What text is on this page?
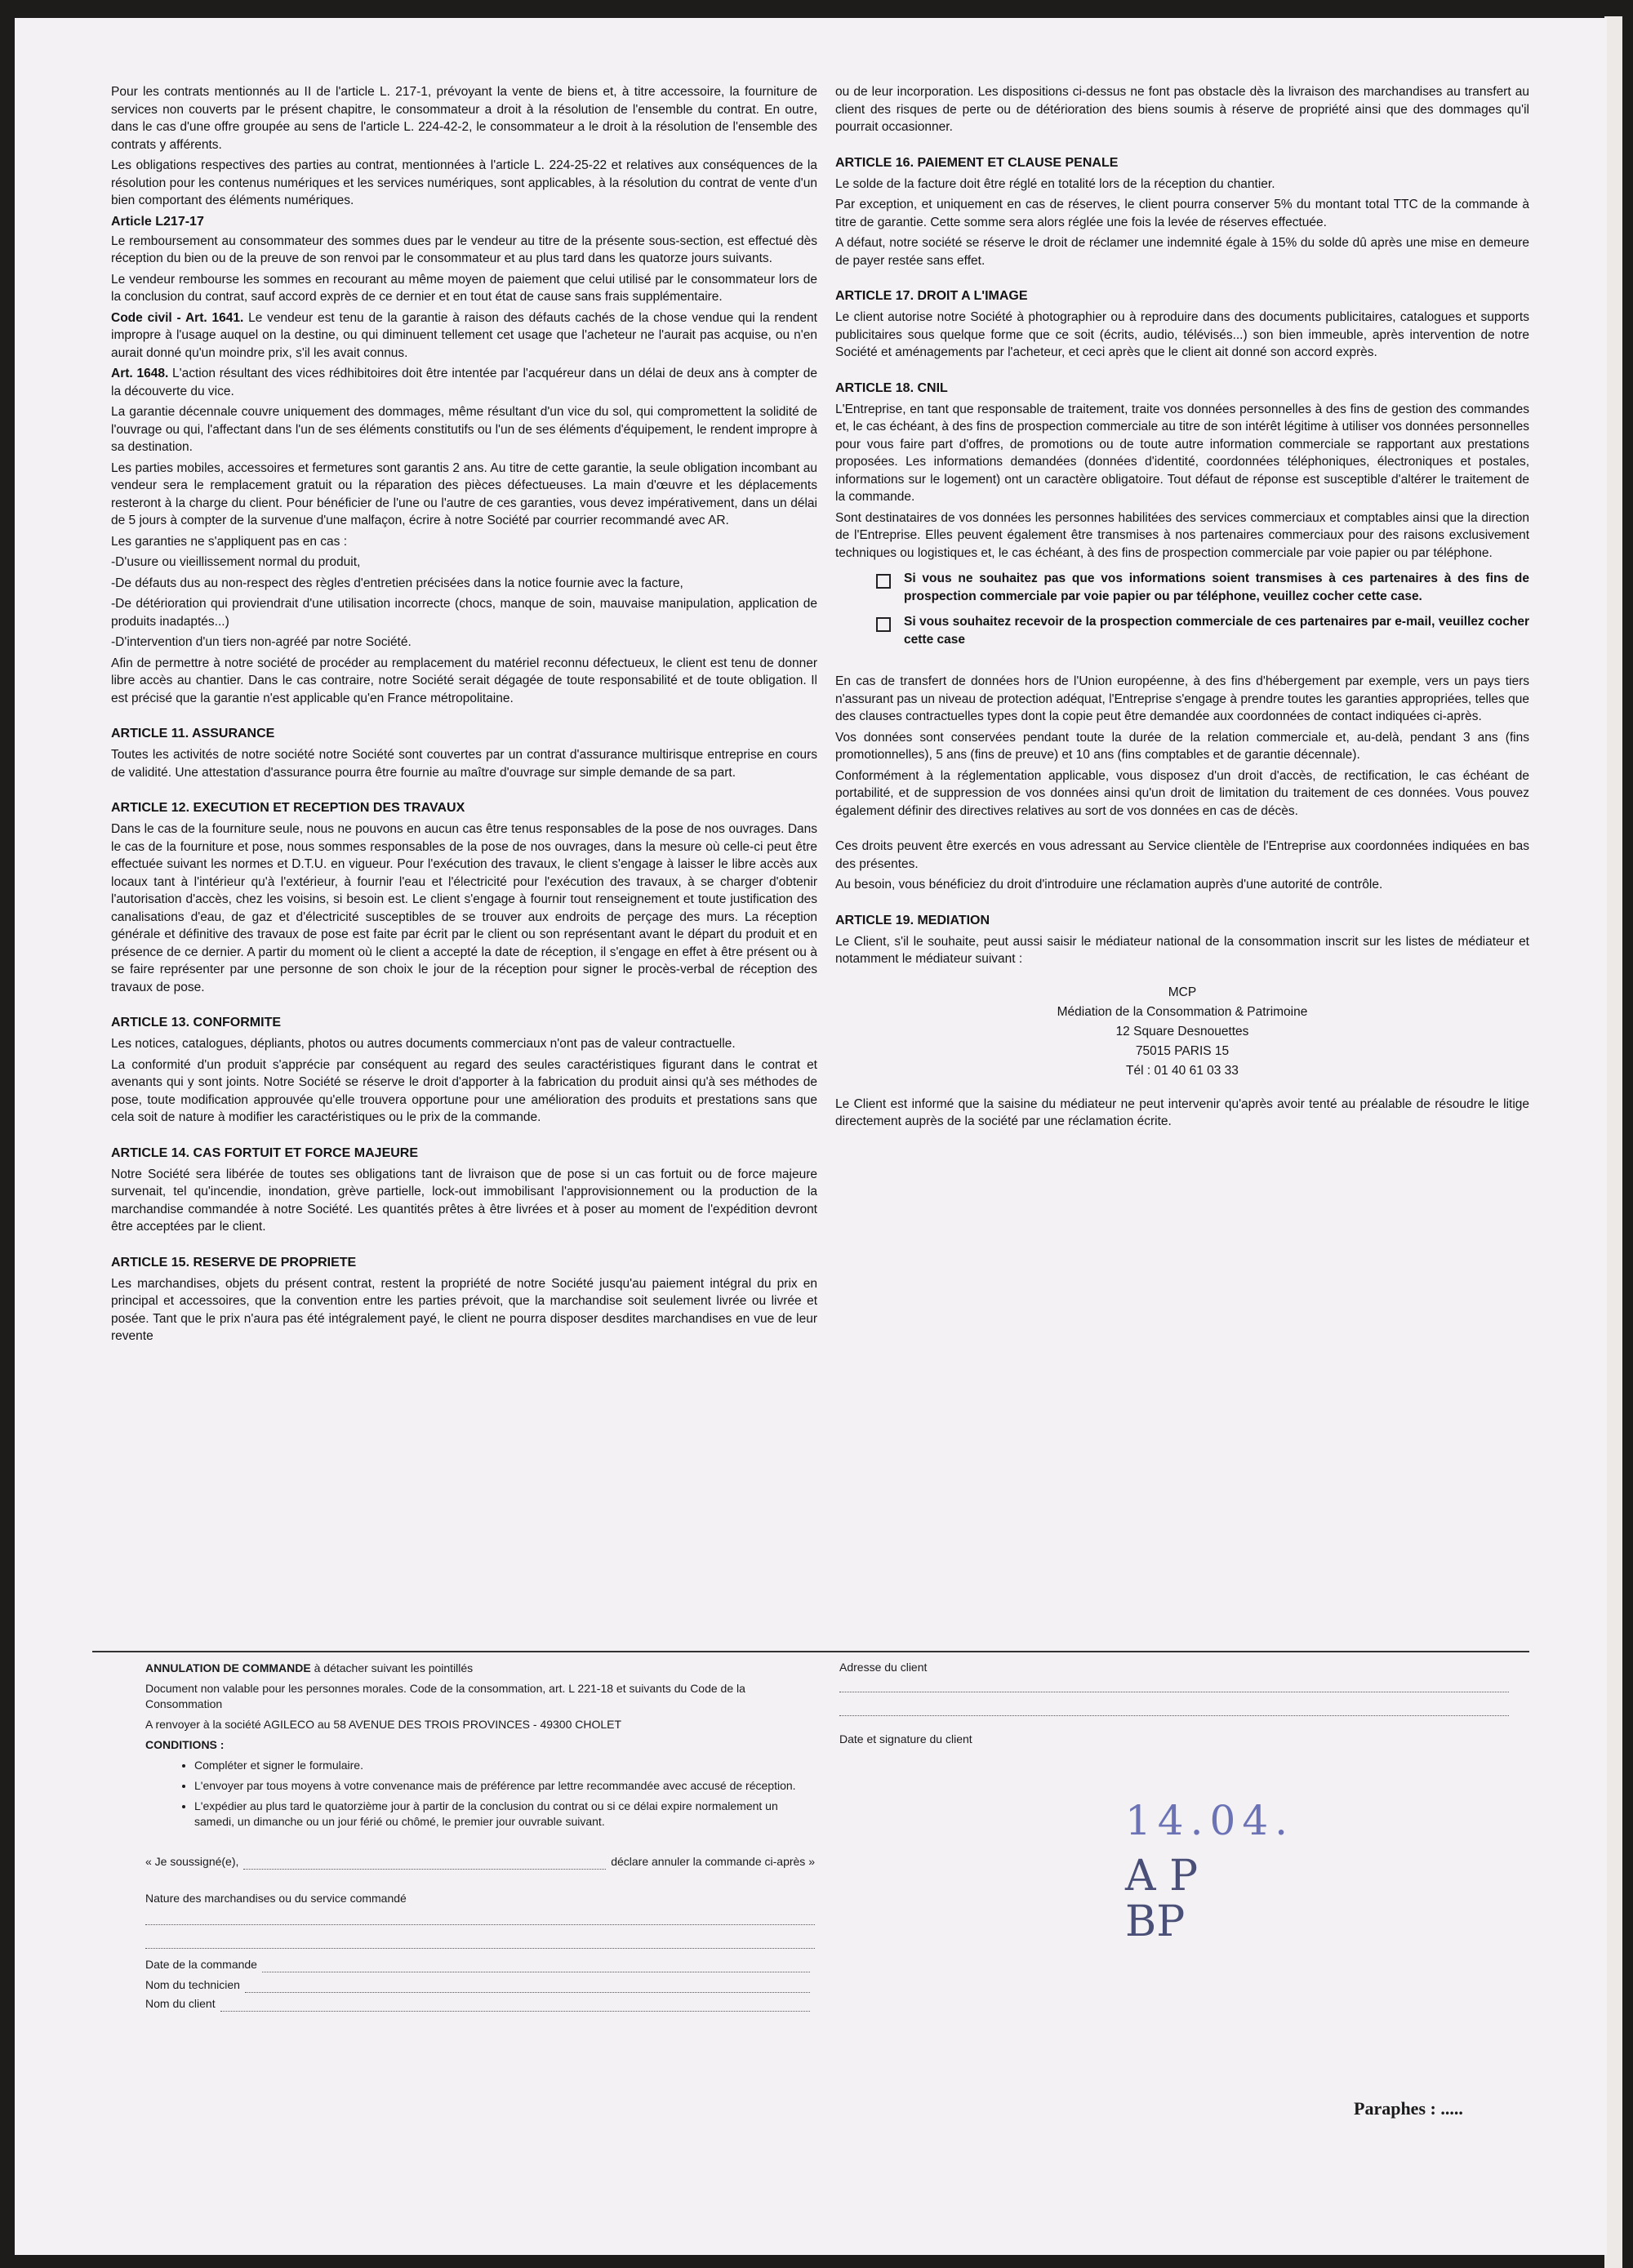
Pour les contrats mentionnés au II de l'article L. 217-1, prévoyant la vente de biens et, à titre accessoire, la fourniture de services non couverts par le présent chapitre, le consommateur a droit à la résolution de l'ensemble du contrat. En outre, dans le cas d'une offre groupée au sens de l'article L. 224-42-2, le consommateur a le droit à la résolution de l'ensemble des contrats y afférents.

Les obligations respectives des parties au contrat, mentionnées à l'article L. 224-25-22 et relatives aux conséquences de la résolution pour les contenus numériques et les services numériques, sont applicables, à la résolution du contrat de vente d'un bien comportant des éléments numériques.

Article L217-17

Le remboursement au consommateur des sommes dues par le vendeur au titre de la présente sous-section, est effectué dès réception du bien ou de la preuve de son renvoi par le consommateur et au plus tard dans les quatorze jours suivants.

Le vendeur rembourse les sommes en recourant au même moyen de paiement que celui utilisé par le consommateur lors de la conclusion du contrat, sauf accord exprès de ce dernier et en tout état de cause sans frais supplémentaire.

Code civil - Art. 1641. Le vendeur est tenu de la garantie à raison des défauts cachés de la chose vendue qui la rendent impropre à l'usage auquel on la destine, ou qui diminuent tellement cet usage que l'acheteur ne l'aurait pas acquise, ou n'en aurait donné qu'un moindre prix, s'il les avait connus.

Art. 1648. L'action résultant des vices rédhibitoires doit être intentée par l'acquéreur dans un délai de deux ans à compter de la découverte du vice.

La garantie décennale couvre uniquement des dommages, même résultant d'un vice du sol, qui compromettent la solidité de l'ouvrage ou qui, l'affectant dans l'un de ses éléments constitutifs ou l'un de ses éléments d'équipement, le rendent impropre à sa destination.

Les parties mobiles, accessoires et fermetures sont garantis 2 ans. Au titre de cette garantie, la seule obligation incombant au vendeur sera le remplacement gratuit ou la réparation des pièces défectueuses. La main d'œuvre et les déplacements resteront à la charge du client. Pour bénéficier de l'une ou l'autre de ces garanties, vous devez impérativement, dans un délai de 5 jours à compter de la survenue d'une malfaçon, écrire à notre Société par courrier recommandé avec AR.

Les garanties ne s'appliquent pas en cas :

-D'usure ou vieillissement normal du produit,

-De défauts dus au non-respect des règles d'entretien précisées dans la notice fournie avec la facture,

-De détérioration qui proviendrait d'une utilisation incorrecte (chocs, manque de soin, mauvaise manipulation, application de produits inadaptés...)

-D'intervention d'un tiers non-agréé par notre Société.

Afin de permettre à notre société de procéder au remplacement du matériel reconnu défectueux, le client est tenu de donner libre accès au chantier. Dans le cas contraire, notre Société serait dégagée de toute responsabilité et de toute obligation. Il est précisé que la garantie n'est applicable qu'en France métropolitaine.

ARTICLE 11. ASSURANCE

Toutes les activités de notre société notre Société sont couvertes par un contrat d'assurance multirisque entreprise en cours de validité. Une attestation d'assurance pourra être fournie au maître d'ouvrage sur simple demande de sa part.

ARTICLE 12. EXECUTION ET RECEPTION DES TRAVAUX

Dans le cas de la fourniture seule, nous ne pouvons en aucun cas être tenus responsables de la pose de nos ouvrages. Dans le cas de la fourniture et pose, nous sommes responsables de la pose de nos ouvrages, dans la mesure où celle-ci peut être effectuée suivant les normes et D.T.U. en vigueur. Pour l'exécution des travaux, le client s'engage à laisser le libre accès aux locaux tant à l'intérieur qu'à l'extérieur, à fournir l'eau et l'électricité pour l'exécution des travaux, à se charger d'obtenir l'autorisation d'accès, chez les voisins, si besoin est. Le client s'engage à fournir tout renseignement et toute justification des canalisations d'eau, de gaz et d'électricité susceptibles de se trouver aux endroits de perçage des murs. La réception générale et définitive des travaux de pose est faite par écrit par le client ou son représentant avant le départ du produit et en présence de ce dernier. A partir du moment où le client a accepté la date de réception, il s'engage en effet à être présent ou à se faire représenter par une personne de son choix le jour de la réception pour signer le procès-verbal de réception des travaux de pose.

ARTICLE 13. CONFORMITE

Les notices, catalogues, dépliants, photos ou autres documents commerciaux n'ont pas de valeur contractuelle.

La conformité d'un produit s'apprécie par conséquent au regard des seules caractéristiques figurant dans le contrat et avenants qui y sont joints. Notre Société se réserve le droit d'apporter à la fabrication du produit ainsi qu'à ses méthodes de pose, toute modification approuvée qu'elle trouvera opportune pour une amélioration des produits et prestations sans que cela soit de nature à modifier les caractéristiques ou le prix de la commande.

ARTICLE 14. CAS FORTUIT ET FORCE MAJEURE

Notre Société sera libérée de toutes ses obligations tant de livraison que de pose si un cas fortuit ou de force majeure survenait, tel qu'incendie, inondation, grève partielle, lock-out immobilisant l'approvisionnement ou la production de la marchandise commandée à notre Société. Les quantités prêtes à être livrées et à poser au moment de l'expédition devront être acceptées par le client.

ARTICLE 15. RESERVE DE PROPRIETE

Les marchandises, objets du présent contrat, restent la propriété de notre Société jusqu'au paiement intégral du prix en principal et accessoires, que la convention entre les parties prévoit, que la marchandise soit seulement livrée ou livrée et posée. Tant que le prix n'aura pas été intégralement payé, le client ne pourra disposer desdites marchandises en vue de leur revente

ou de leur incorporation. Les dispositions ci-dessus ne font pas obstacle dès la livraison des marchandises au transfert au client des risques de perte ou de détérioration des biens soumis à réserve de propriété ainsi que des dommages qu'il pourrait occasionner.

ARTICLE 16. PAIEMENT ET CLAUSE PENALE

Le solde de la facture doit être réglé en totalité lors de la réception du chantier.

Par exception, et uniquement en cas de réserves, le client pourra conserver 5% du montant total TTC de la commande à titre de garantie. Cette somme sera alors réglée une fois la levée de réserves effectuée.

A défaut, notre société se réserve le droit de réclamer une indemnité égale à 15% du solde dû après une mise en demeure de payer restée sans effet.

ARTICLE 17. DROIT A L'IMAGE

Le client autorise notre Société à photographier ou à reproduire dans des documents publicitaires, catalogues et supports publicitaires sous quelque forme que ce soit (écrits, audio, télévisés...) son bien immeuble, après intervention de notre Société et aménagements par l'acheteur, et ceci après que le client ait donné son accord exprès.

ARTICLE 18. CNIL

L'Entreprise, en tant que responsable de traitement, traite vos données personnelles à des fins de gestion des commandes et, le cas échéant, à des fins de prospection commerciale au titre de son intérêt légitime à utiliser vos données personnelles pour vous faire part d'offres, de promotions ou de toute autre information commerciale se rapportant aux prestations proposées. Les informations demandées (données d'identité, coordonnées téléphoniques, électroniques et postales, informations sur le logement) ont un caractère obligatoire. Tout défaut de réponse est susceptible d'altérer le traitement de la commande.

Sont destinataires de vos données les personnes habilitées des services commerciaux et comptables ainsi que la direction de l'Entreprise. Elles peuvent également être transmises à nos partenaires commerciaux pour des raisons exclusivement techniques ou logistiques et, le cas échéant, à des fins de prospection commerciale par voie papier ou par téléphone.

Si vous ne souhaitez pas que vos informations soient transmises à ces partenaires à des fins de prospection commerciale par voie papier ou par téléphone, veuillez cocher cette case.
Si vous souhaitez recevoir de la prospection commerciale de ces partenaires par e-mail, veuillez cocher cette case

En cas de transfert de données hors de l'Union européenne, à des fins d'hébergement par exemple, vers un pays tiers n'assurant pas un niveau de protection adéquat, l'Entreprise s'engage à prendre toutes les garanties appropriées, telles que des clauses contractuelles types dont la copie peut être demandée aux coordonnées de contact indiquées ci-après.

Vos données sont conservées pendant toute la durée de la relation commerciale et, au-delà, pendant 3 ans (fins promotionnelles), 5 ans (fins de preuve) et 10 ans (fins comptables et de garantie décennale).

Conformément à la réglementation applicable, vous disposez d'un droit d'accès, de rectification, le cas échéant de portabilité, et de suppression de vos données ainsi qu'un droit de limitation du traitement de ces données. Vous pouvez également définir des directives relatives au sort de vos données en cas de décès.

Ces droits peuvent être exercés en vous adressant au Service clientèle de l'Entreprise aux coordonnées indiquées en bas des présentes.

Au besoin, vous bénéficiez du droit d'introduire une réclamation auprès d'une autorité de contrôle.

ARTICLE 19. MEDIATION

Le Client, s'il le souhaite, peut aussi saisir le médiateur national de la consommation inscrit sur les listes de médiateur et notamment le médiateur suivant :

MCP
Médiation de la Consommation & Patrimoine
12 Square Desnouettes
75015 PARIS 15
Tél : 01 40 61 03 33

Le Client est informé que la saisine du médiateur ne peut intervenir qu'après avoir tenté au préalable de résoudre le litige directement auprès de la société par une réclamation écrite.

ANNULATION DE COMMANDE à détacher suivant les pointillés

Document non valable pour les personnes morales. Code de la consommation, art. L 221-18 et suivants du Code de la Consommation

A renvoyer à la société AGILECO au 58 AVENUE DES TROIS PROVINCES - 49300 CHOLET

CONDITIONS :

• Compléter et signer le formulaire.
• L'envoyer par tous moyens à votre convenance mais de préférence par lettre recommandée avec accusé de réception.
• L'expédier au plus tard le quatorzième jour à partir de la conclusion du contrat ou si ce délai expire normalement un samedi, un dimanche ou un jour férié ou chômé, le premier jour ouvrable suivant.
« Je soussigné(e),	déclare annuler la commande ci-après »
Nature des marchandises ou du service commandé
Date de la commande
Nom du technicien
Nom du client
Adresse du client
Date et signature du client
14.04.
A P
BP
Paraphes : .....
